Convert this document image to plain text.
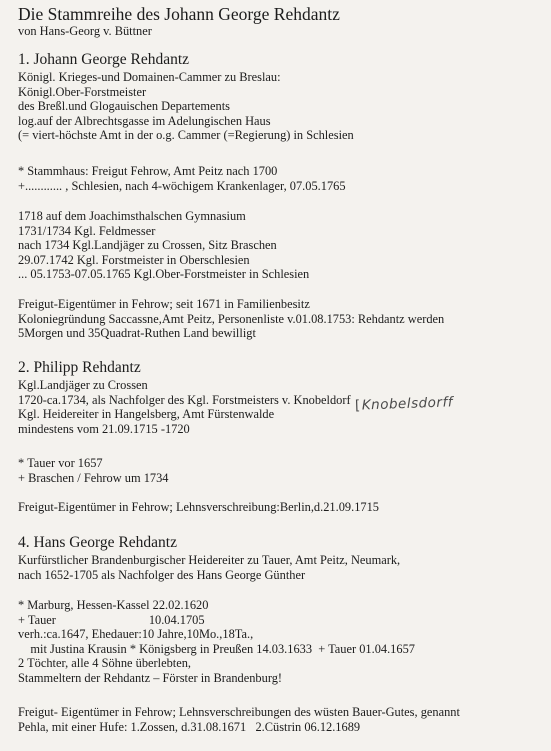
Die Stammreihe des Johann George Rehdantz
von Hans-Georg v. Büttner
1. Johann George Rehdantz
Königl. Krieges-und Domainen-Cammer zu Breslau:
Königl.Ober-Forstmeister
des Breßl.und Glogauischen Departements
log.auf der Albrechtsgasse im Adelungischen Haus
(= viert-höchste Amt in der o.g. Cammer (=Regierung) in Schlesien
* Stammhaus: Freigut Fehrow, Amt Peitz nach 1700
+............ , Schlesien, nach 4-wöchigem Krankenlager, 07.05.1765
1718 auf dem Joachimsthalschen Gymnasium
1731/1734 Kgl. Feldmesser
nach 1734 Kgl.Landjäger zu Crossen, Sitz Braschen
29.07.1742 Kgl. Forstmeister in Oberschlesien
... 05.1753-07.05.1765 Kgl.Ober-Forstmeister in Schlesien
Freigut-Eigentümer in Fehrow; seit 1671 in Familienbesitz
Koloniegründung Saccassne,Amt Peitz, Personenliste v.01.08.1753: Rehdantz werden
5Morgen und 35Quadrat-Ruthen Land bewilligt
2. Philipp Rehdantz
Kgl.Landjäger zu Crossen
1720-ca.1734, als Nachfolger des Kgl. Forstmeisters v. Knobeldorf
Kgl. Heidereiter in Hangelsberg, Amt Fürstenwalde
mindestens vom 21.09.1715 -1720
[Knobelsdorff
* Tauer vor 1657
+ Braschen / Fehrow um 1734
Freigut-Eigentümer in Fehrow; Lehnsverschreibung:Berlin,d.21.09.1715
4. Hans George Rehdantz
Kurfürstlicher Brandenburgischer Heidereiter zu Tauer, Amt Peitz, Neumark,
nach 1652-1705 als Nachfolger des Hans George Günther
* Marburg, Hessen-Kassel 22.02.1620
+ Tauer                              10.04.1705
verh.:ca.1647, Ehedauer:10 Jahre,10Mo.,18Ta.,
mit Justina Krausin * Königsberg in Preußen 14.03.1633  + Tauer 01.04.1657
2 Töchter, alle 4 Söhne überlebten,
Stammeltern der Rehdantz – Förster in Brandenburg!
Freigut- Eigentümer in Fehrow; Lehnsverschreibungen des wüsten Bauer-Gutes, genannt
Pehla, mit einer Hufe: 1.Zossen, d.31.08.1671   2.Cüstrin 06.12.1689
